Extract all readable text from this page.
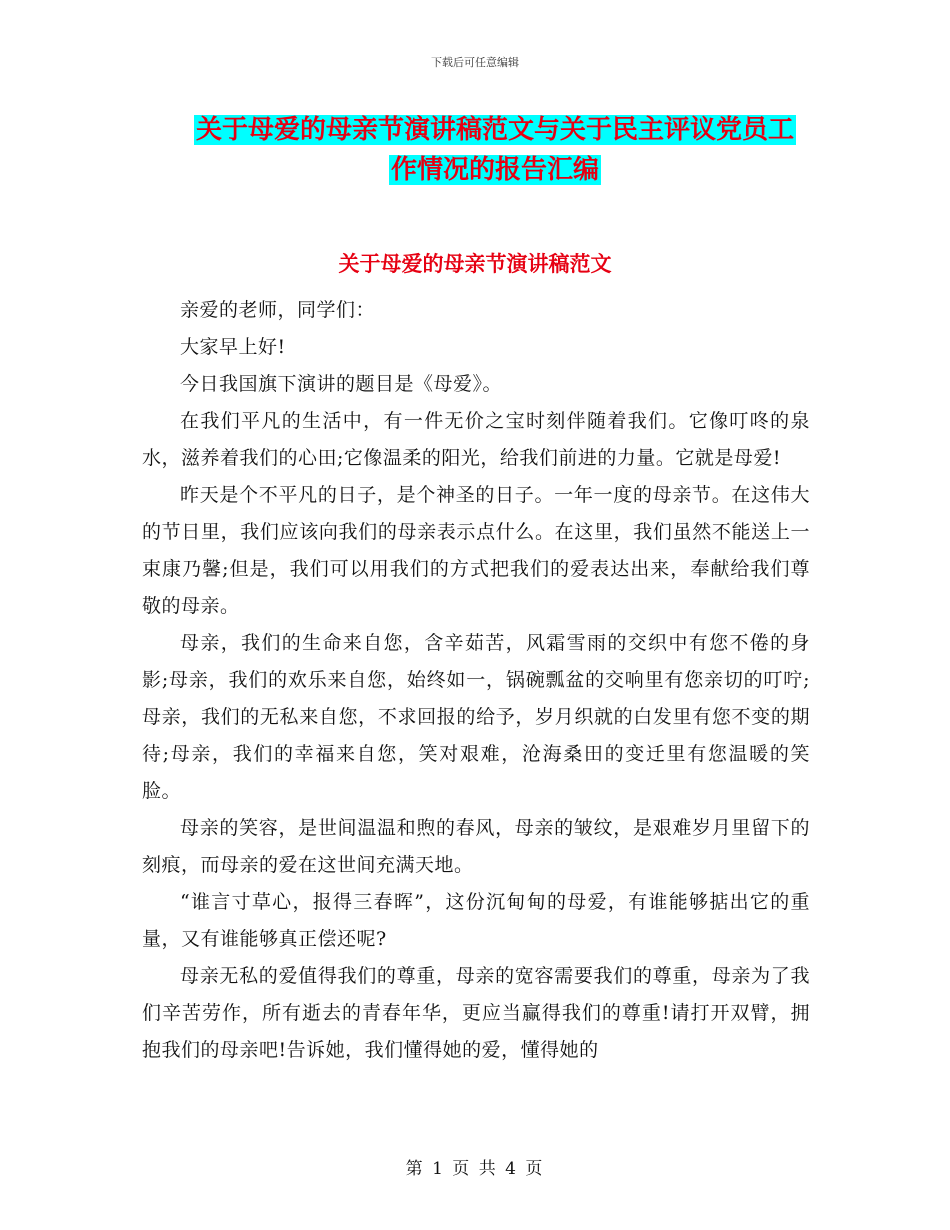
下载后可任意编辑
关于母爱的母亲节演讲稿范文与关于民主评议党员工
作情况的报告汇编
关于母爱的母亲节演讲稿范文

亲爱的老师，同学们：

大家早上好!

今日我国旗下演讲的题目是《母爱》。

在我们平凡的生活中，有一件无价之宝时刻伴随着我们。它像叮咚的泉水，滋养着我们的心田;它像温柔的阳光，给我们前进的力量。它就是母爱!

昨天是个不平凡的日子，是个神圣的日子。一年一度的母亲节。在这伟大的节日里，我们应该向我们的母亲表示点什么。在这里，我们虽然不能送上一束康乃馨;但是，我们可以用我们的方式把我们的爱表达出来，奉献给我们尊敬的母亲。

母亲，我们的生命来自您，含辛茹苦，风霜雪雨的交织中有您不倦的身影;母亲，我们的欢乐来自您，始终如一，锅碗瓢盆的交响里有您亲切的叮咛;母亲，我们的无私来自您，不求回报的给予，岁月织就的白发里有您不变的期待;母亲，我们的幸福来自您，笑对艰难，沧海桑田的变迁里有您温暖的笑脸。

母亲的笑容，是世间温温和煦的春风，母亲的皱纹，是艰难岁月里留下的刻痕，而母亲的爱在这世间充满天地。

“谁言寸草心，报得三春晖”，这份沉甸甸的母爱，有谁能够掂出它的重量，又有谁能够真正偿还呢?

母亲无私的爱值得我们的尊重，母亲的宽容需要我们的尊重，母亲为了我们辛苦劳作，所有逝去的青春年华，更应当赢得我们的尊重!请打开双臂，拥抱我们的母亲吧!告诉她，我们懂得她的爱，懂得她的

第 1 页 共 4 页
